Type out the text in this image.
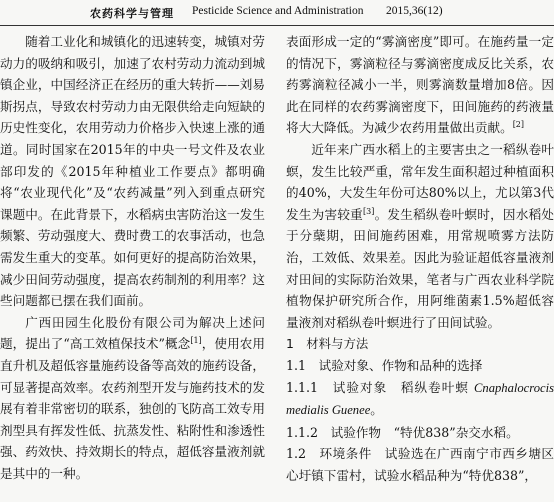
农药科学与管理 Pesticide Science and Administration 2015,36(12)

随着工业化和城镇化的迅速转变，城镇对劳动力的吸纳和吸引，加速了农村劳动力流动到城镇企业，中国经济正在经历的重大转折——刘易斯拐点，导致农村劳动力由无限供给走向短缺的历史性变化，农用劳动力价格步入快速上涨的通道。同时国家在2015年的中央一号文件及农业部印发的《2015年种植业工作要点》都明确将“农业现代化”及“农药减量”列入到重点研究课题中。在此背景下，水稻病虫害防治这一发生频繁、劳动强度大、费时费工的农事活动，也急需发生重大的变革。如何更好的提高防治效果，减少田间劳动强度，提高农药制剂的利用率？这些问题都已摆在我们面前。

广西田园生化股份有限公司为解决上述问题，提出了“高工效植保技术”概念[1]，使用农用直升机及超低容量施药设备等高效的施药设备，可显著提高效率。农药剂型开发与施药技术的发展有着非常密切的联系，独创的飞防高工效专用剂型具有挥发性低、抗蒸发性、粘附性和渗透性强、药效快、持效期长的特点，超低容量液剂就是其中的一种。

表面形成一定的“雾滴密度”即可。在施药量一定的情况下，雾滴粒径与雾滴密度成反比关系，农药雾滴粒径减小一半，则雾滴数量增加8倍。因此在同样的农药雾滴密度下，田间施药的药液量将大大降低。为减少农药用量做出贡献。[2]

近年来广西水稻上的主要害虫之一稻纵卷叶螟，发生比较严重，常年发生面积超过种植面积的40%，大发生年份可达80%以上，尤以第3代发生为害较重[3]。发生稻纵卷叶螟时，因水稻处于分蘖期，田间施药困难，用常规喷雾方法防治，工效低、效果差。因此为验证超低容量液剂对田间的实际防治效果，笔者与广西农业科学院植物保护研究所合作，用阿维菌素1.5%超低容量液剂对稻纵卷叶螟进行了田间试验。

1　材料与方法

1.1　试验对象、作物和品种的选择

1.1.1　试验对象　稻纵卷叶螟 Cnaphalocrocis medialis Guenee。

1.1.2　试验作物　“特优838”杂交水稻。

1.2　环境条件　试验选在广西南宁市西乡塘区心圩镇下雷村，试验水稻品种为“特优838”，
